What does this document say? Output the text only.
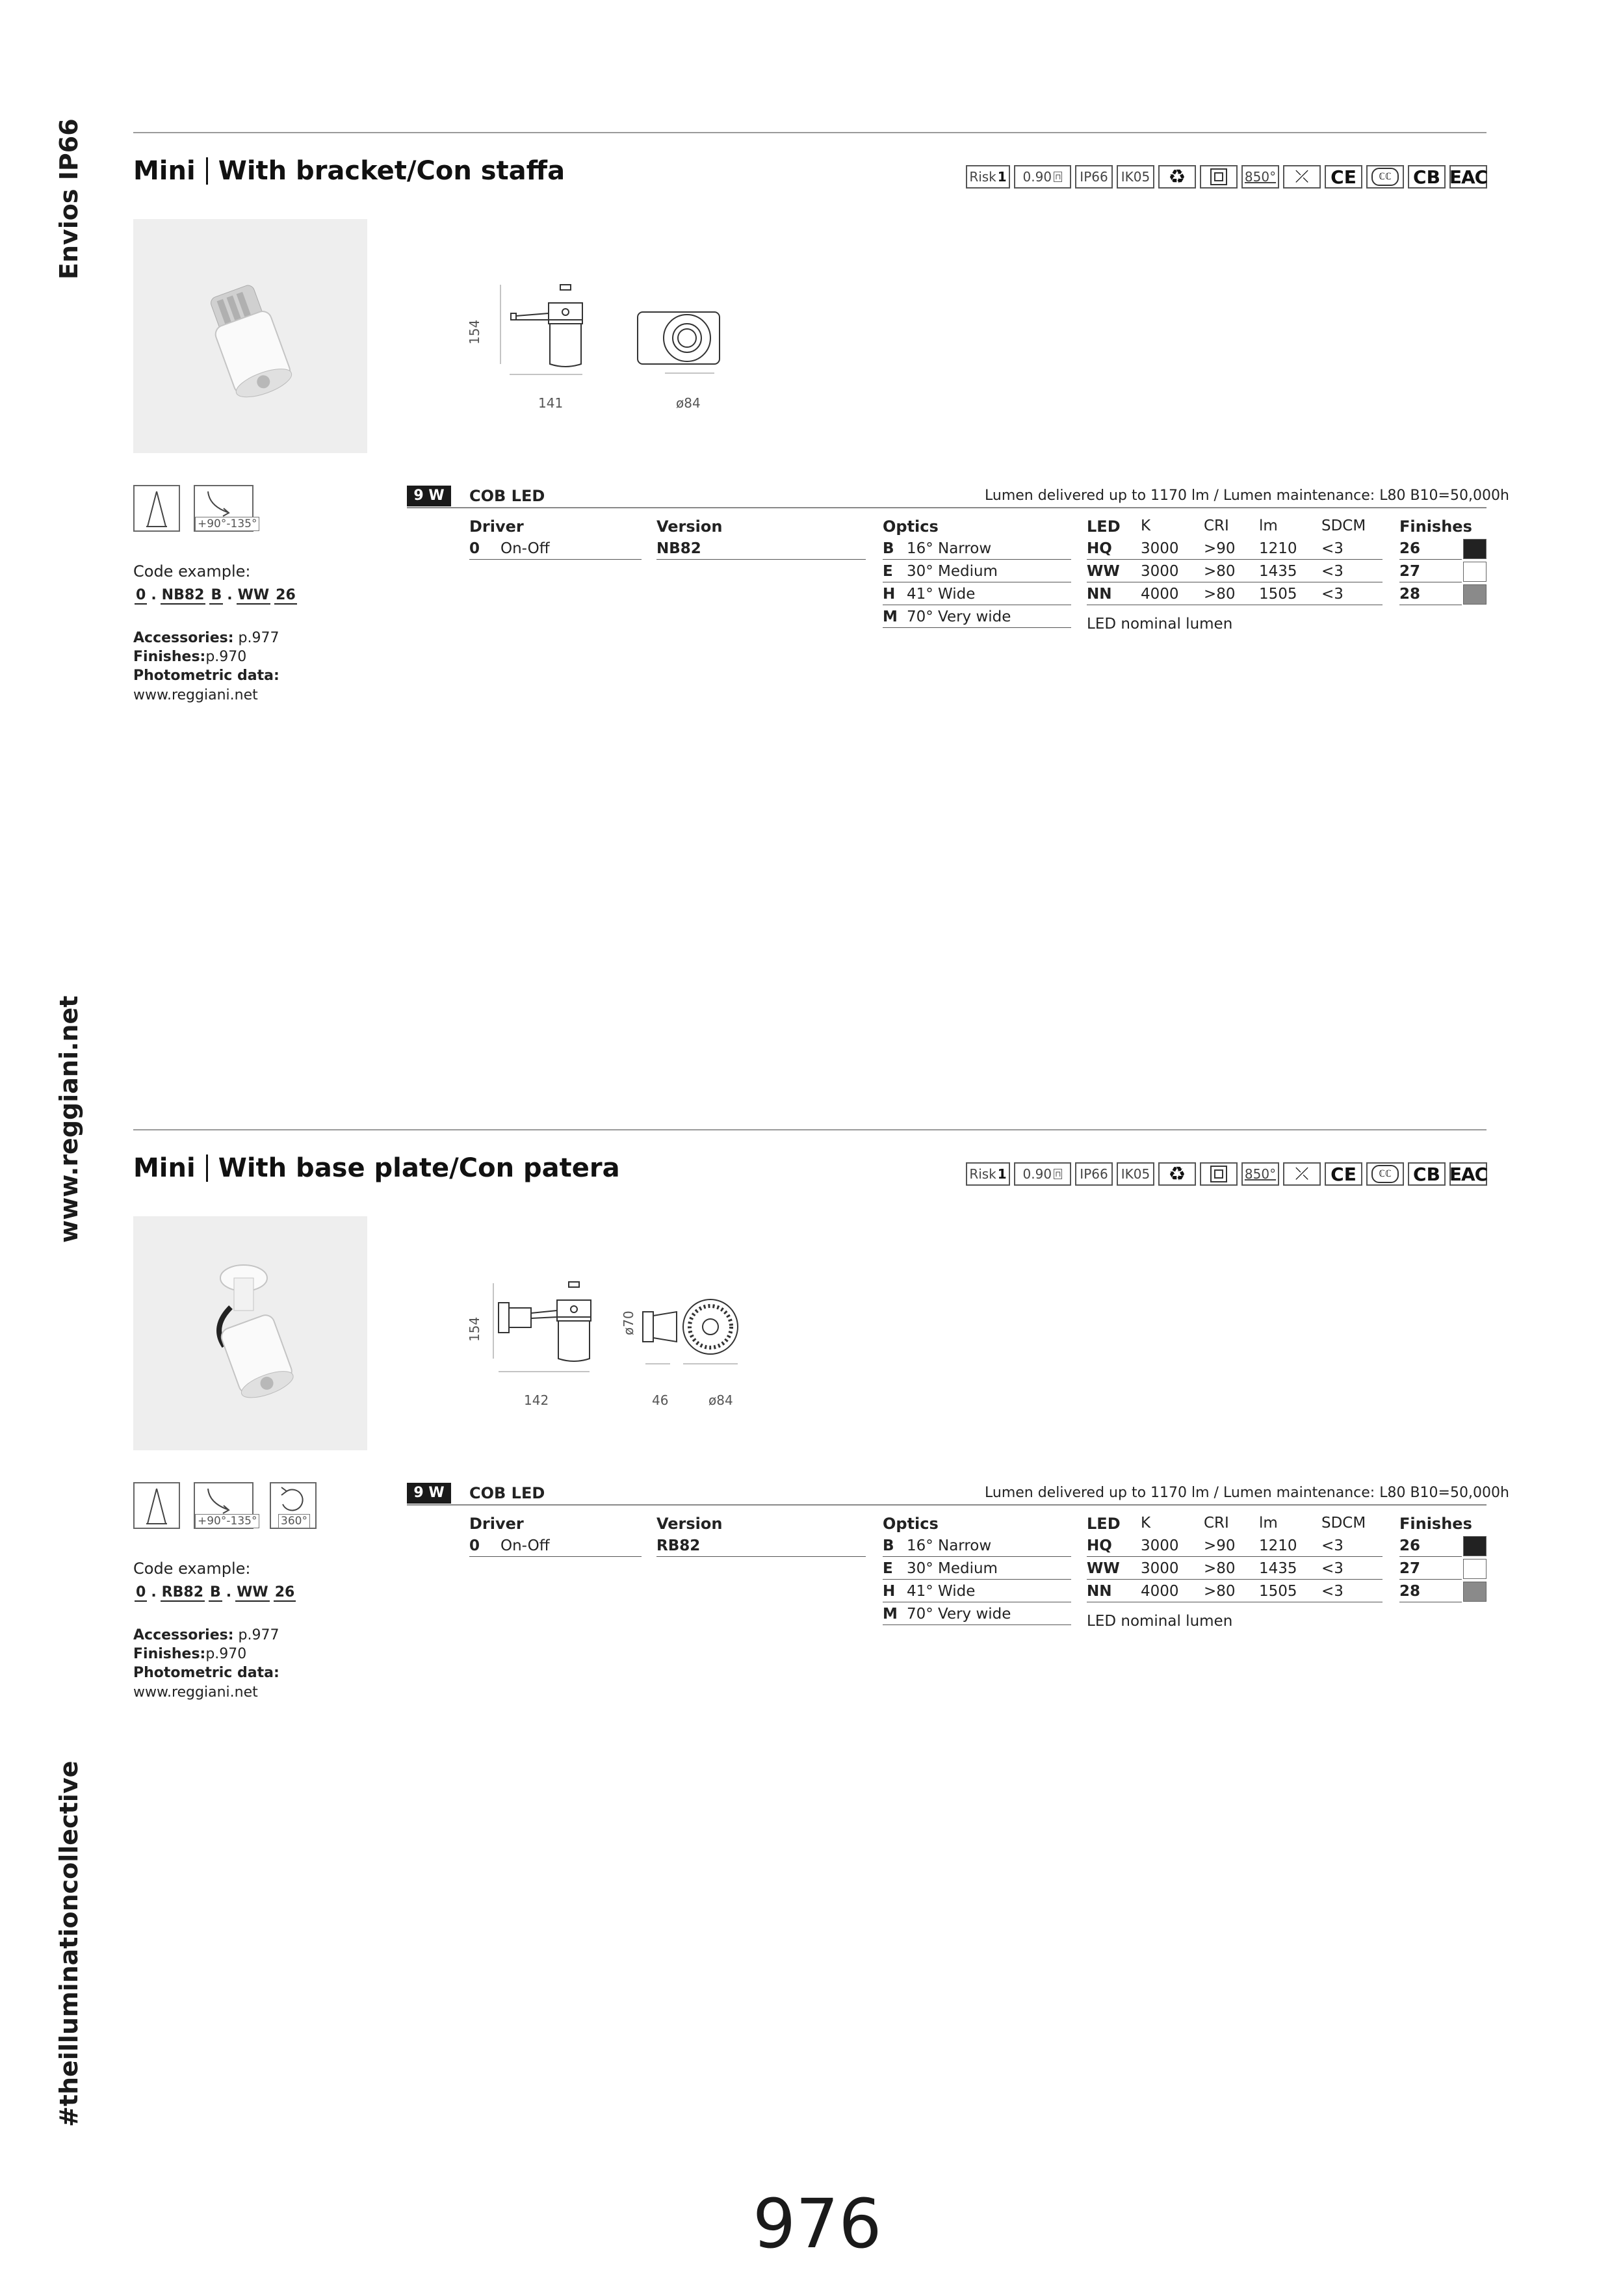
Envios IP66
www.reggiani.net
#theilluminationcollective
Mini With bracket/Con staffa	Risk 1 0.90 ⊓	IP66	IK05 ♻	850°	⤫	CE	ℂℂ	CB EAC
154
141	ø84
+90°-135°
Code example:
0 . NB82 B . WW 26
Accessories: p.977
Finishes:p.970
Photometric data:
www.reggiani.net
9 W	COB LED	Lumen delivered up to 1170 lm / Lumen maintenance: L80 B10=50,000h
Driver
0 On-Off
Version
NB82
Optics
B 16° Narrow
E 30° Medium
H 41° Wide
M 70° Very wide
LED K	CRI lm	SDCM
HQ 3000 >90 1210 <3
WW 3000 >80 1435 <3
NN 4000 >80 1505 <3
LED nominal lumen
Finishes
26
27
28
Mini With base plate/Con patera	Risk 1 0.90 ⊓	IP66	IK05 ♻	850°	⤫	CE	ℂℂ	CB EAC
154	ø70
142	46	ø84
+90°-135° 360°
Code example:
0 . RB82 B . WW 26
Accessories: p.977
Finishes:p.970
Photometric data:
www.reggiani.net
9 W	COB LED	Lumen delivered up to 1170 lm / Lumen maintenance: L80 B10=50,000h
Driver
0 On-Off
Version
RB82
Optics
B 16° Narrow
E 30° Medium
H 41° Wide
M 70° Very wide
LED K	CRI lm	SDCM
HQ 3000 >90 1210 <3
WW 3000 >80 1435 <3
NN 4000 >80 1505 <3
LED nominal lumen
Finishes
26
27
28
976
